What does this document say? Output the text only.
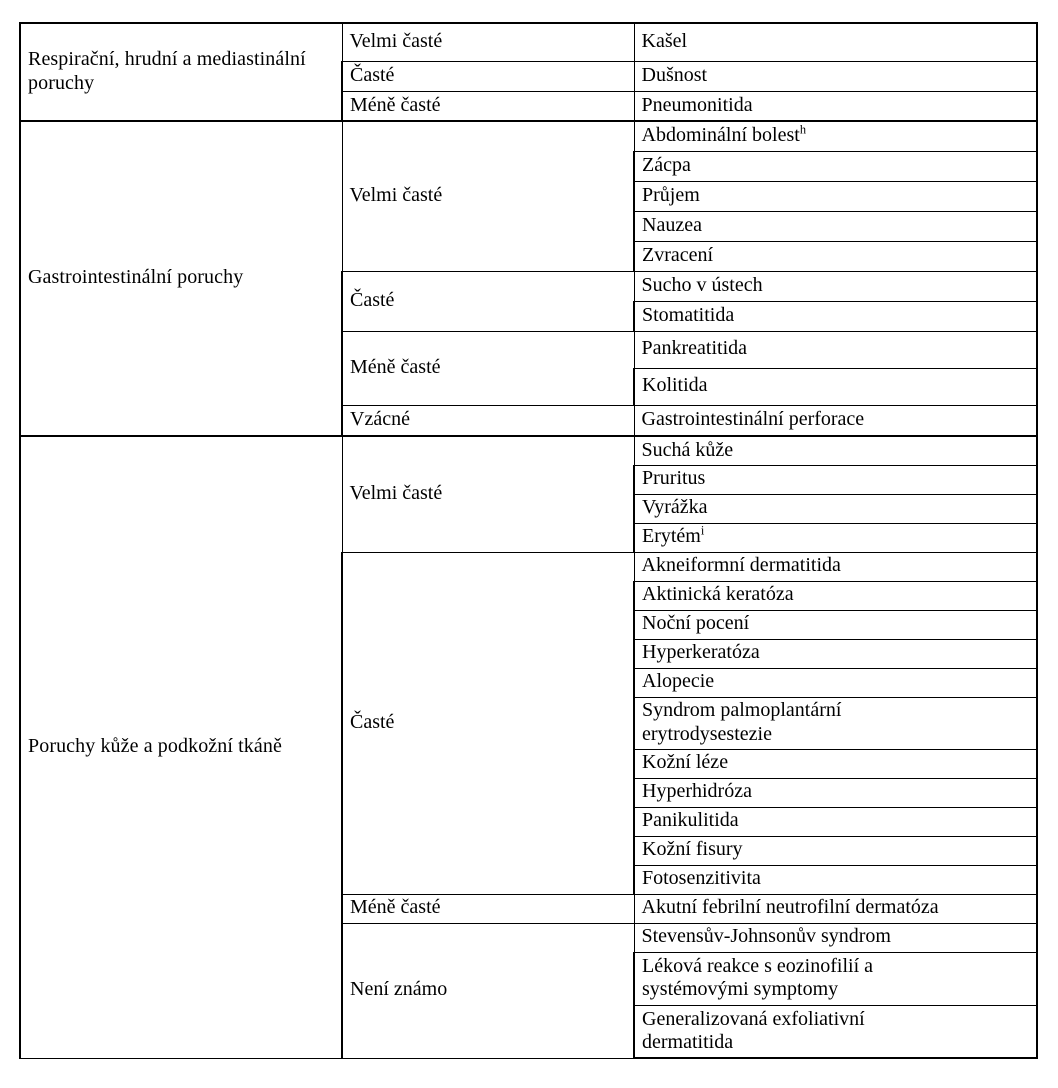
Respirační, hrudní a mediastinální poruchy	Velmi časté	Kašel
	Časté	Dušnost
	Méně časté	Pneumonitida
Gastrointestinální poruchy	Velmi časté	Abdominální bolest$^h$
		Zácpa
		Průjem
		Nauzea
		Zvracení
	Časté	Sucho v ústech
		Stomatitida
	Méně časté	Pankreatitida
		Kolitida
	Vzácné	Gastrointestinální perforace
Poruchy kůže a podkožní tkáně	Velmi časté	Suchá kůže
		Pruritus
		Vyrážka
		Erytém$^i$
	Časté	Akneiformní dermatitida
		Aktinická keratóza
		Noční pocení
		Hyperkeratóza
		Alopecie

		Syndrom palmoplantární
erytrodysestezie

		Kožní léze
		Hyperhidróza
		Panikulitida
		Kožní fisury
		Fotosenzitivita

	Méně časté	Akutní febrilní neutrofilní dermatóza
	Není známo	Stevensův-Johnsonův syndrom

		Léková reakce s eozinofilií a
systémovými symptomy

		Generalizovaná exfoliativní
dermatitida
